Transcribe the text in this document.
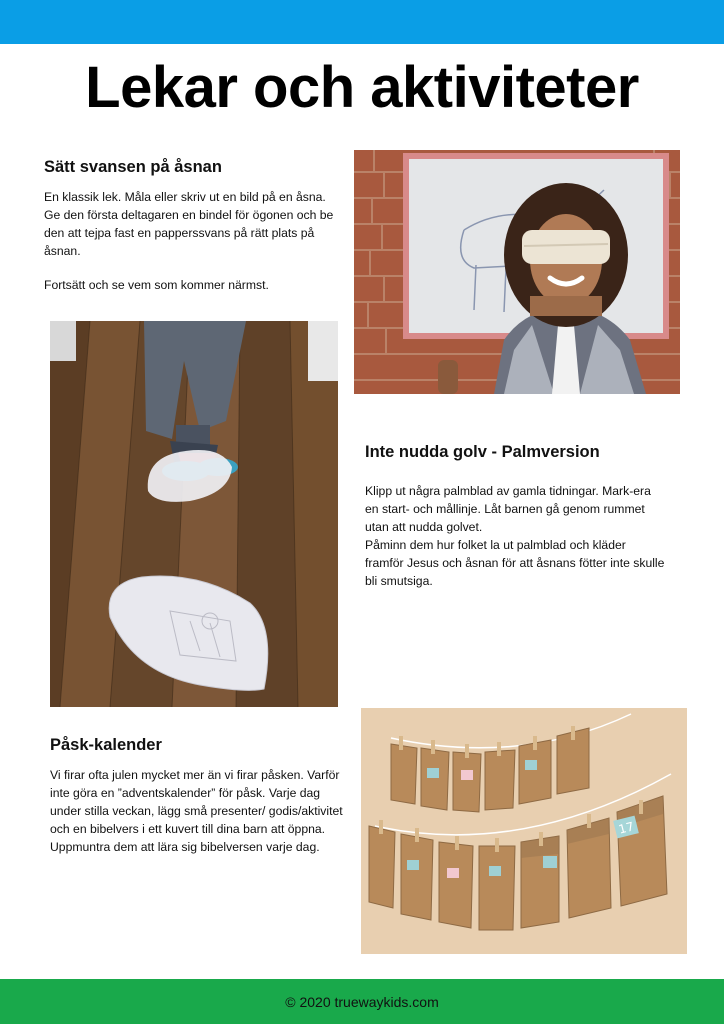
Lekar och aktiviteter
Sätt svansen på åsnan

En klassik lek. Måla eller skriv ut en bild på en åsna. Ge den första deltagaren en bindel för ögonen och be den att tejpa fast en papperssvans på rätt plats på åsnan.

Fortsätt och se vem som kommer närmst.

Inte nudda golv - Palmversion

Klipp ut några palmblad av gamla tidningar. Mark-era en start- och mållinje. Låt barnen gå genom rummet utan att nudda golvet.

Påminn dem hur folket la ut palmblad och kläder framför Jesus och åsnan för att åsnans fötter inte skulle bli smutsiga.

Påsk-kalender

Vi firar ofta julen mycket mer än vi firar påsken. Varför inte göra en ”adventskalender” för påsk. Varje dag under stilla veckan, lägg små presenter/ godis/aktivitet och en bibelvers i ett kuvert till dina barn att öppna. Uppmuntra dem att lära sig bibelversen varje dag.

17
© 2020 truewaykids.com
